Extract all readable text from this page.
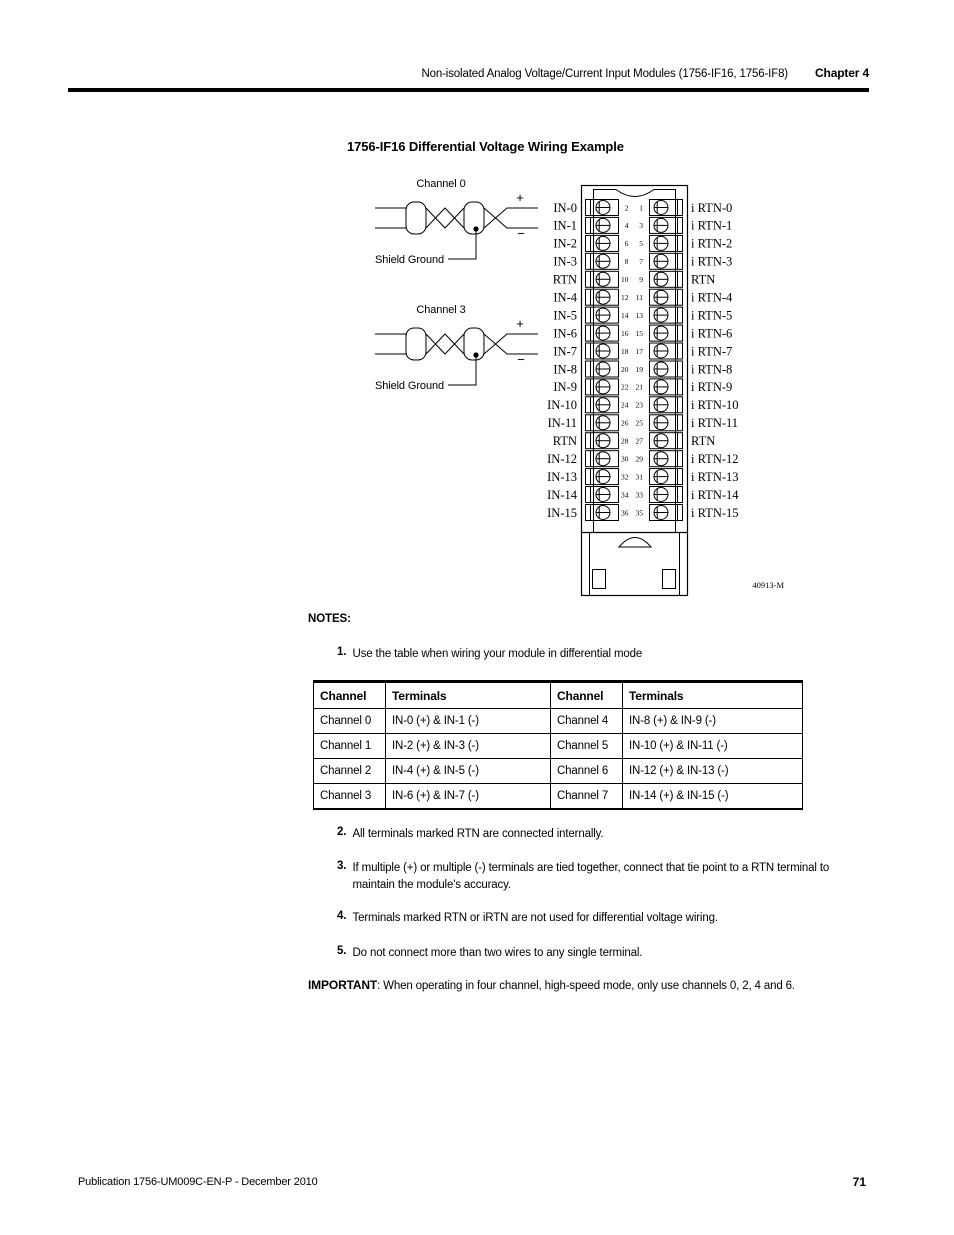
Non-isolated Analog Voltage/Current Input Modules (1756-IF16, 1756-IF8) Chapter 4
1756-IF16 Differential Voltage Wiring Example
IN-0	2 1	i RTN-0
IN-1	4 3	i RTN-1
IN-2	6 5	i RTN-2
IN-3	8 7	i RTN-3
RTN	10 9	RTN
IN-4	12 11	i RTN-4
IN-5	14 13	i RTN-5
IN-6	16 15	i RTN-6
IN-7	18 17	i RTN-7
IN-8	20 19	i RTN-8
IN-9	22 21	i RTN-9
IN-10	24 23	i RTN-10
IN-11	26 25	i RTN-11
RTN	28 27	RTN
IN-12	30 29	i RTN-12
IN-13	32 31	i RTN-13
IN-14	34 33	i RTN-14
IN-15	36 35	i RTN-15
Channel 0
+
−
Shield Ground
Channel 3
+
−
Shield Ground
40913-M
NOTES:
1. Use the table when wiring your module in differential mode
Channel	Terminals	Channel	Terminals
Channel 0	IN-0 (+) & IN-1 (-)	Channel 4	IN-8 (+) & IN-9 (-)
Channel 1	IN-2 (+) & IN-3 (-)	Channel 5	IN-10 (+) & IN-11 (-)
Channel 2	IN-4 (+) & IN-5 (-)	Channel 6	IN-12 (+) & IN-13 (-)
Channel 3	IN-6 (+) & IN-7 (-)	Channel 7	IN-14 (+) & IN-15 (-)
2. All terminals marked RTN are connected internally.
3. If multiple (+) or multiple (-) terminals are tied together, connect that tie point to a RTN terminal to maintain the module's accuracy.
4. Terminals marked RTN or iRTN are not used for differential voltage wiring.
5. Do not connect more than two wires to any single terminal.
IMPORTANT: When operating in four channel, high-speed mode, only use channels 0, 2, 4 and 6.
Publication 1756-UM009C-EN-P - December 2010	71
